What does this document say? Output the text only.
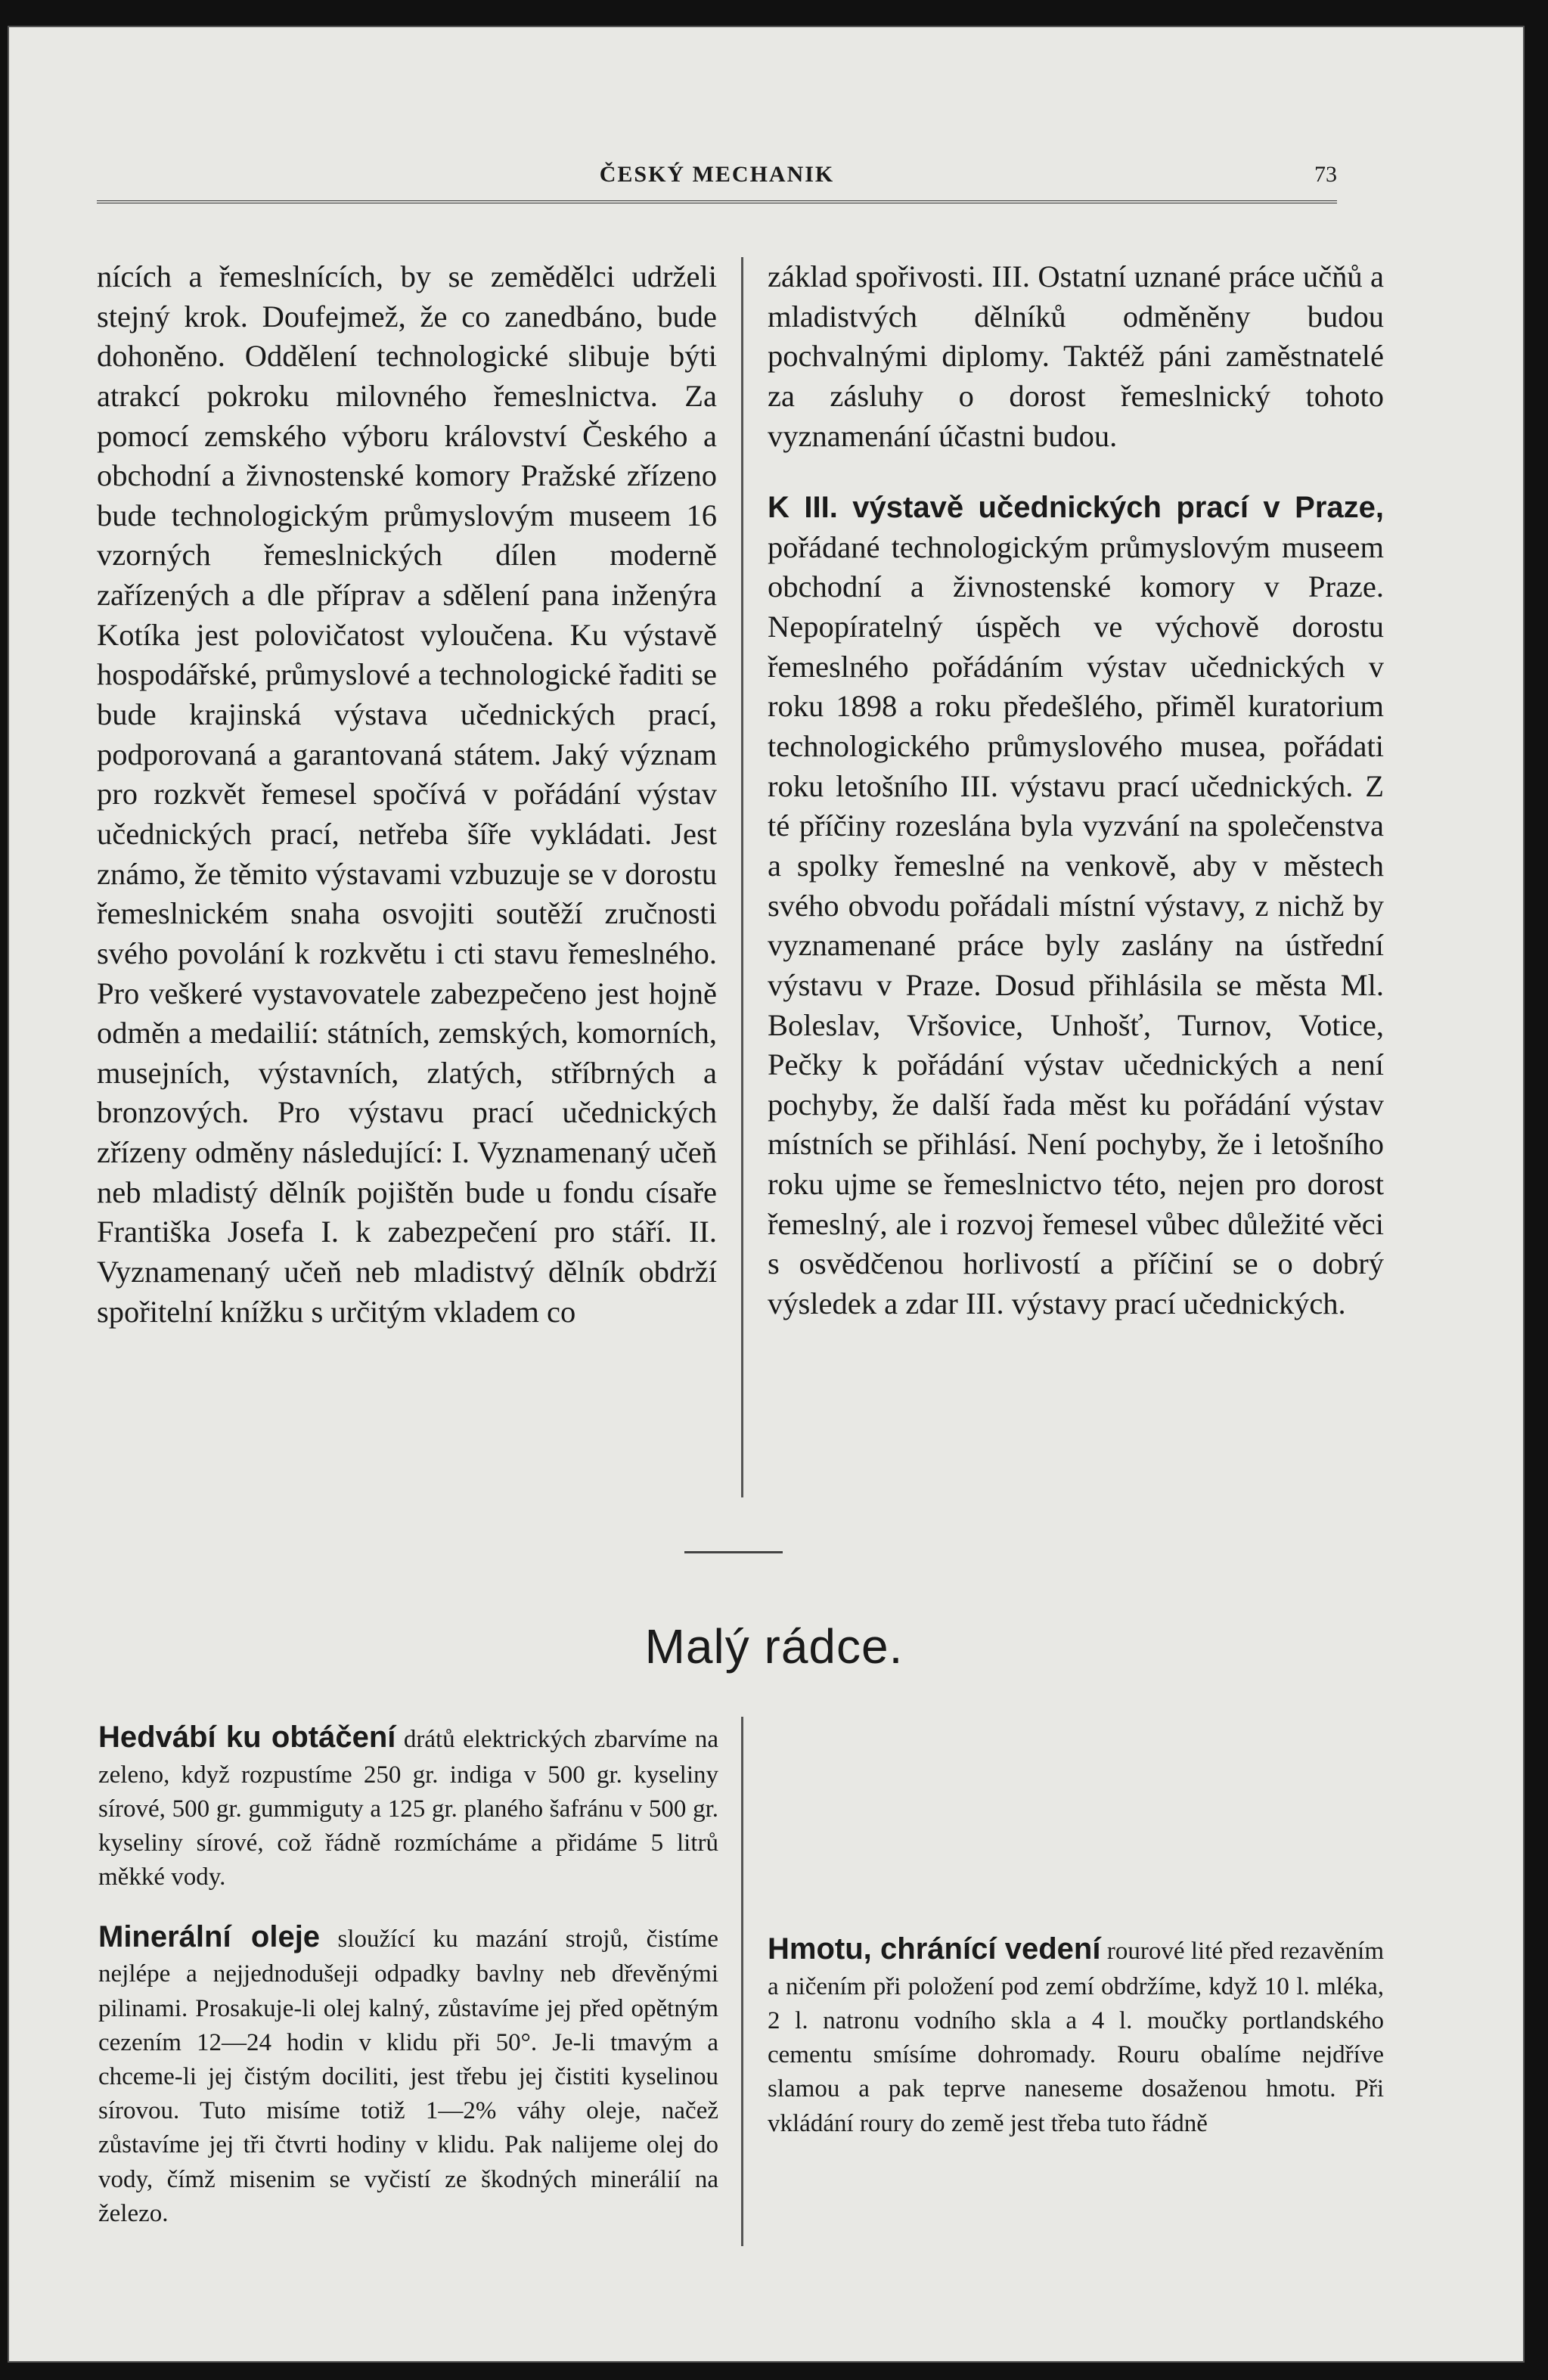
ČESKÝ MECHANIK	73

nících a řemeslnících, by se zemědělci udrželi stejný krok. Doufejmež, že co zanedbáno, bude dohoněno. Oddělení technologické slibuje býti atrakcí pokroku milovného řemeslnictva. Za pomocí zemského výboru království Českého a obchodní a živnostenské komory Pražské zřízeno bude technologickým průmyslovým museem 16 vzorných řemeslnických dílen moderně zařízených a dle příprav a sdělení pana inženýra Kotíka jest polovičatost vyloučena. Ku výstavě hospodářské, průmyslové a technologické řaditi se bude krajinská výstava učednických prací, podporovaná a garantovaná státem. Jaký význam pro rozkvět řemesel spočívá v pořádání výstav učednických prací, netřeba šíře vykládati. Jest známo, že těmito výstavami vzbuzuje se v dorostu řemeslnickém snaha osvojiti soutěží zručnosti svého povolání k rozkvětu i cti stavu řemeslného. Pro veškeré vystavovatele zabezpečeno jest hojně odměn a medailií: státních, zemských, komorních, musejních, výstavních, zlatých, stříbrných a bronzových. Pro výstavu prací učednických zřízeny odměny následující: I. Vyznamenaný učeň neb mladistý dělník pojištěn bude u fondu císaře Františka Josefa I. k zabezpečení pro stáří. II. Vyznamenaný učeň neb mladistvý dělník obdrží spořitelní knížku s určitým vkladem co

základ spořivosti. III. Ostatní uznané práce učňů a mladistvých dělníků odměněny budou pochvalnými diplomy. Taktéž páni zaměstnatelé za zásluhy o dorost řemeslnický tohoto vyznamenání účastni budou.

K III. výstavě učednických prací v Praze, pořádané technologickým průmyslovým museem obchodní a živnostenské komory v Praze. Nepopíratelný úspěch ve výchově dorostu řemeslného pořádáním výstav učednických v roku 1898 a roku předešlého, přiměl kuratorium technologického průmyslového musea, pořádati roku letošního III. výstavu prací učednických. Z té příčiny rozeslána byla vyzvání na společenstva a spolky řemeslné na venkově, aby v městech svého obvodu pořádali místní výstavy, z nichž by vyznamenané práce byly zaslány na ústřední výstavu v Praze. Dosud přihlásila se města Ml. Boleslav, Vršovice, Unhošť, Turnov, Votice, Pečky k pořádání výstav učednických a není pochyby, že další řada měst ku pořádání výstav místních se přihlásí. Není pochyby, že i letošního roku ujme se řemeslnictvo této, nejen pro dorost řemeslný, ale i rozvoj řemesel vůbec důležité věci s osvědčenou horlivostí a příčiní se o dobrý výsledek a zdar III. výstavy prací učednických.

Malý rádce.

Hedvábí ku obtáčení drátů elektrických zbarvíme na zeleno, když rozpustíme 250 gr. indiga v 500 gr. kyseliny sírové, 500 gr. gummiguty a 125 gr. planého šafránu v 500 gr. kyseliny sírové, což řádně rozmícháme a přidáme 5 litrů měkké vody.

Minerální oleje sloužící ku mazání strojů, čistíme nejlépe a nejjednodušeji odpadky bavlny neb dřevěnými pilinami. Prosakuje-li olej kalný, zůstavíme jej před opětným cezením 12—24 hodin v klidu při 50°. Je-li tmavým a chceme-li jej čistým dociliti, jest třebu jej čistiti kyselinou sírovou. Tuto misíme totiž 1—2% váhy oleje, načež zůstavíme jej tři čtvrti hodiny v klidu. Pak nalijeme olej do vody, čímž misenim se vyčistí ze škodných minerálií na železo.

Hmotu, chránící vedení rourové lité před rezavěním a ničením při položení pod zemí obdržíme, když 10 l. mléka, 2 l. natronu vodního skla a 4 l. moučky portlandského cementu smísíme dohromady. Rouru obalíme nejdříve slamou a pak teprve naneseme dosaženou hmotu. Při vkládání roury do země jest třeba tuto řádně
